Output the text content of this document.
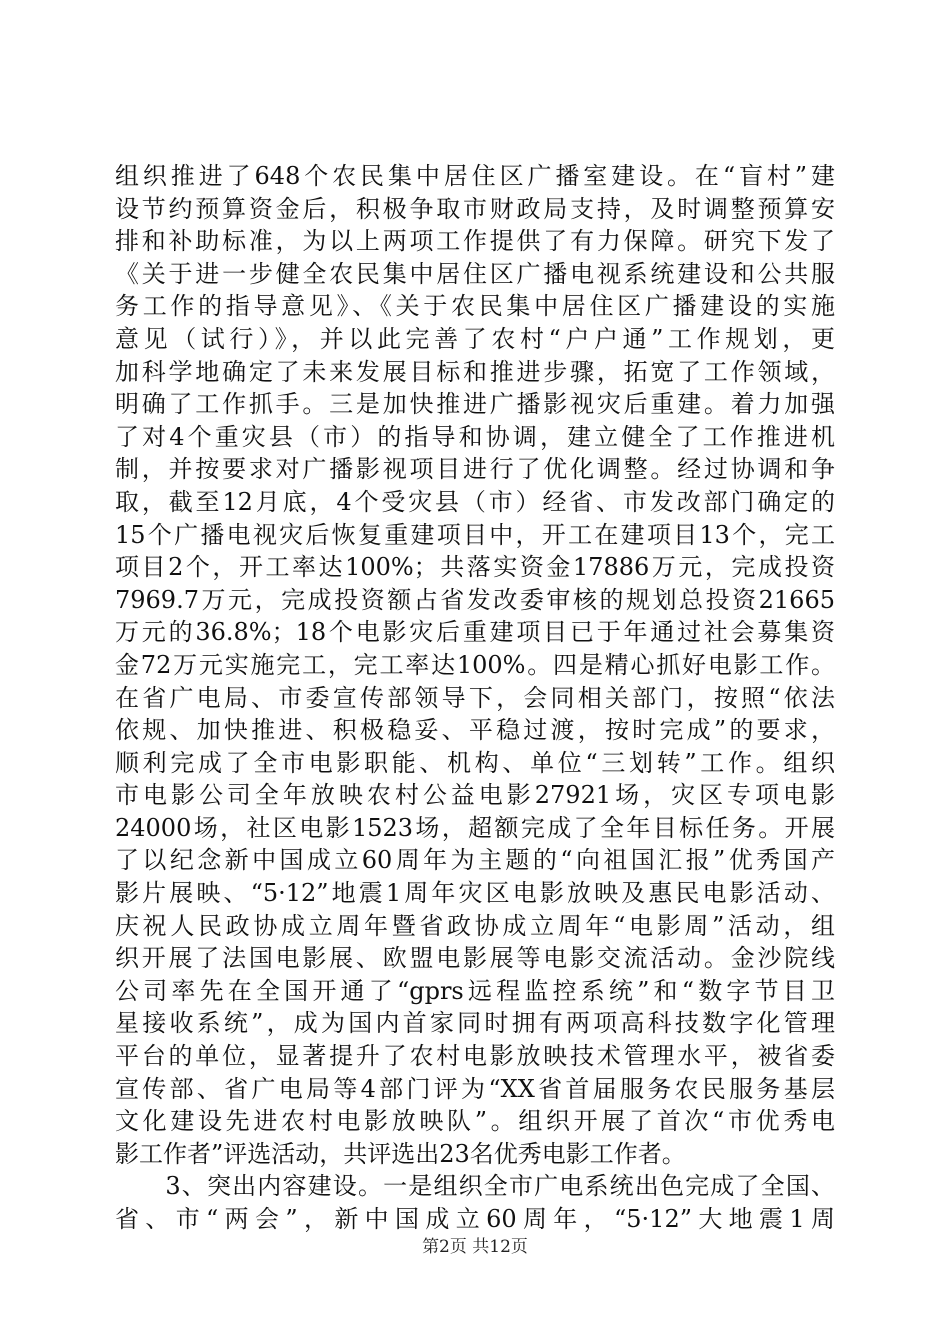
组织推进了648个农民集中居住区广播室建设。在“盲村”建
设节约预算资金后，积极争取市财政局支持，及时调整预算安
排和补助标准，为以上两项工作提供了有力保障。研究下发了
《关于进一步健全农民集中居住区广播电视系统建设和公共服
务工作的指导意见》、《关于农民集中居住区广播建设的实施
意见（试行）》，并以此完善了农村“户户通”工作规划，更
加科学地确定了未来发展目标和推进步骤，拓宽了工作领域，
明确了工作抓手。三是加快推进广播影视灾后重建。着力加强
了对4个重灾县（市）的指导和协调，建立健全了工作推进机
制，并按要求对广播影视项目进行了优化调整。经过协调和争
取，截至12月底，4个受灾县（市）经省、市发改部门确定的
15个广播电视灾后恢复重建项目中，开工在建项目13个，完工
项目2个，开工率达100%；共落实资金17886万元，完成投资
7969.7万元，完成投资额占省发改委审核的规划总投资21665
万元的36.8%；18个电影灾后重建项目已于年通过社会募集资
金72万元实施完工，完工率达100%。四是精心抓好电影工作。
在省广电局、市委宣传部领导下，会同相关部门，按照“依法
依规、加快推进、积极稳妥、平稳过渡，按时完成”的要求，
顺利完成了全市电影职能、机构、单位“三划转”工作。组织
市电影公司全年放映农村公益电影27921场，灾区专项电影
24000场，社区电影1523场，超额完成了全年目标任务。开展
了以纪念新中国成立60周年为主题的“向祖国汇报”优秀国产
影片展映、“5·12”地震1周年灾区电影放映及惠民电影活动、
庆祝人民政协成立周年暨省政协成立周年“电影周”活动，组
织开展了法国电影展、欧盟电影展等电影交流活动。金沙院线
公司率先在全国开通了“gprs远程监控系统”和“数字节目卫
星接收系统”，成为国内首家同时拥有两项高科技数字化管理
平台的单位，显著提升了农村电影放映技术管理水平，被省委
宣传部、省广电局等4部门评为“XX省首届服务农民服务基层
文化建设先进农村电影放映队”。组织开展了首次“市优秀电
影工作者”评选活动，共评选出23名优秀电影工作者。
　　3、突出内容建设。一是组织全市广电系统出色完成了全国、
省、市“两会”，新中国成立60周年，“5·12”大地震1周
第2页 共12页
